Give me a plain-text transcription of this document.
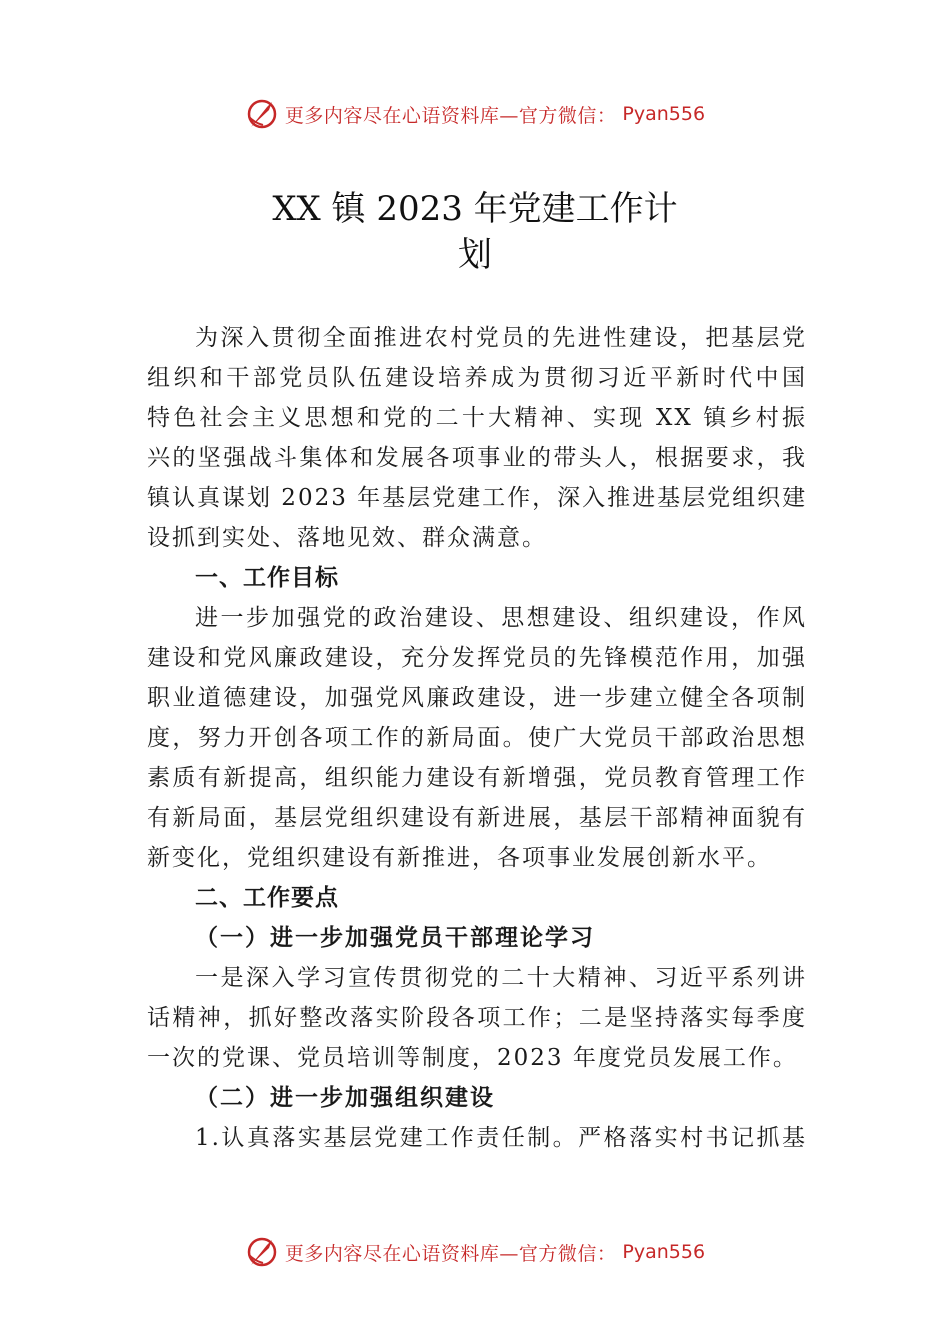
更多内容尽在心语资料库—官方微信： Pyan556
XX 镇 2023 年党建工作计
划
为深入贯彻全面推进农村党员的先进性建设，把基层党
组织和干部党员队伍建设培养成为贯彻习近平新时代中国
特色社会主义思想和党的二十大精神、实现 XX 镇乡村振
兴的坚强战斗集体和发展各项事业的带头人，根据要求，我
镇认真谋划 2023 年基层党建工作，深入推进基层党组织建
设抓到实处、落地见效、群众满意。
一、工作目标
进一步加强党的政治建设、思想建设、组织建设，作风
建设和党风廉政建设，充分发挥党员的先锋模范作用，加强
职业道德建设，加强党风廉政建设，进一步建立健全各项制
度，努力开创各项工作的新局面。使广大党员干部政治思想
素质有新提高，组织能力建设有新增强，党员教育管理工作
有新局面，基层党组织建设有新进展，基层干部精神面貌有
新变化，党组织建设有新推进，各项事业发展创新水平。
二、工作要点
（一）进一步加强党员干部理论学习
一是深入学习宣传贯彻党的二十大精神、习近平系列讲
话精神，抓好整改落实阶段各项工作；二是坚持落实每季度
一次的党课、党员培训等制度，2023 年度党员发展工作。
（二）进一步加强组织建设
1.认真落实基层党建工作责任制。严格落实村书记抓基
更多内容尽在心语资料库—官方微信： Pyan556
